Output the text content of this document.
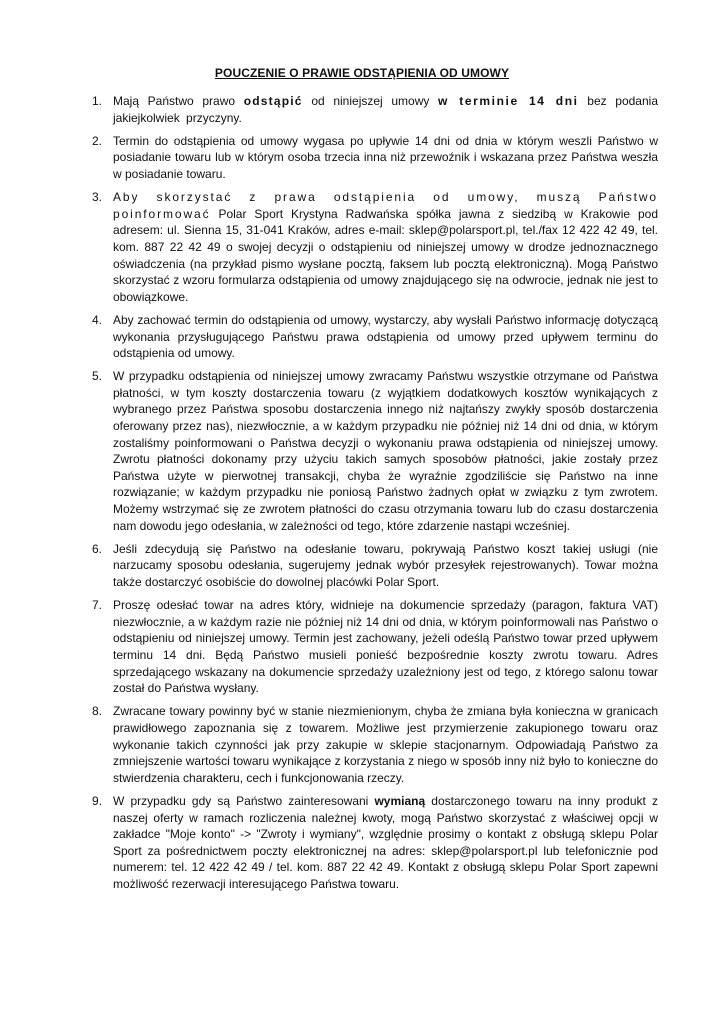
POUCZENIE O PRAWIE ODSTĄPIENIA OD UMOWY
1. Mają Państwo prawo odstąpić od niniejszej umowy w terminie 14 dni bez podania jakiejkolwiek przyczyny.
2. Termin do odstąpienia od umowy wygasa po upływie 14 dni od dnia w którym weszli Państwo w posiadanie towaru lub w którym osoba trzecia inna niż przewoźnik i wskazana przez Państwa weszła w posiadanie towaru.
3. Aby skorzystać z prawa odstąpienia od umowy, muszą Państwo poinformować Polar Sport Krystyna Radwańska spółka jawna z siedzibą w Krakowie pod adresem: ul. Sienna 15, 31-041 Kraków, adres e-mail: sklep@polarsport.pl, tel./fax 12 422 42 49, tel. kom. 887 22 42 49 o swojej decyzji o odstąpieniu od niniejszej umowy w drodze jednoznacznego oświadczenia (na przykład pismo wysłane pocztą, faksem lub pocztą elektroniczną). Mogą Państwo skorzystać z wzoru formularza odstąpienia od umowy znajdującego się na odwrocie, jednak nie jest to obowiązkowe.
4. Aby zachować termin do odstąpienia od umowy, wystarczy, aby wysłali Państwo informację dotyczącą wykonania przysługującego Państwu prawa odstąpienia od umowy przed upływem terminu do odstąpienia od umowy.
5. W przypadku odstąpienia od niniejszej umowy zwracamy Państwu wszystkie otrzymane od Państwa płatności, w tym koszty dostarczenia towaru (z wyjątkiem dodatkowych kosztów wynikających z wybranego przez Państwa sposobu dostarczenia innego niż najtańszy zwykły sposób dostarczenia oferowany przez nas), niezwłocznie, a w każdym przypadku nie później niż 14 dni od dnia, w którym zostaliśmy poinformowani o Państwa decyzji o wykonaniu prawa odstąpienia od niniejszej umowy. Zwrotu płatności dokonamy przy użyciu takich samych sposobów płatności, jakie zostały przez Państwa użyte w pierwotnej transakcji, chyba że wyraźnie zgodziliście się Państwo na inne rozwiązanie; w każdym przypadku nie poniosą Państwo żadnych opłat w związku z tym zwrotem. Możemy wstrzymać się ze zwrotem płatności do czasu otrzymania towaru lub do czasu dostarczenia nam dowodu jego odesłania, w zależności od tego, które zdarzenie nastąpi wcześniej.
6. Jeśli zdecydują się Państwo na odesłanie towaru, pokrywają Państwo koszt takiej usługi (nie narzucamy sposobu odesłania, sugerujemy jednak wybór przesyłek rejestrowanych). Towar można także dostarczyć osobiście do dowolnej placówki Polar Sport.
7. Proszę odesłać towar na adres który, widnieje na dokumencie sprzedaży (paragon, faktura VAT) niezwłocznie, a w każdym razie nie później niż 14 dni od dnia, w którym poinformowali nas Państwo o odstąpieniu od niniejszej umowy. Termin jest zachowany, jeżeli odeślą Państwo towar przed upływem terminu 14 dni. Będą Państwo musieli ponieść bezpośrednie koszty zwrotu towaru. Adres sprzedającego wskazany na dokumencie sprzedaży uzależniony jest od tego, z którego salonu towar został do Państwa wysłany.
8. Zwracane towary powinny być w stanie niezmienionym, chyba że zmiana była konieczna w granicach prawidłowego zapoznania się z towarem. Możliwe jest przymierzenie zakupionego towaru oraz wykonanie takich czynności jak przy zakupie w sklepie stacjonarnym. Odpowiadają Państwo za zmniejszenie wartości towaru wynikające z korzystania z niego w sposób inny niż było to konieczne do stwierdzenia charakteru, cech i funkcjonowania rzeczy.
9. W przypadku gdy są Państwo zainteresowani wymianą dostarczonego towaru na inny produkt z naszej oferty w ramach rozliczenia należnej kwoty, mogą Państwo skorzystać z właściwej opcji w zakładce "Moje konto" -> "Zwroty i wymiany", względnie prosimy o kontakt z obsługą sklepu Polar Sport za pośrednictwem poczty elektronicznej na adres: sklep@polarsport.pl lub telefonicznie pod numerem: tel. 12 422 42 49 / tel. kom. 887 22 42 49. Kontakt z obsługą sklepu Polar Sport zapewni możliwość rezerwacji interesującego Państwa towaru.
